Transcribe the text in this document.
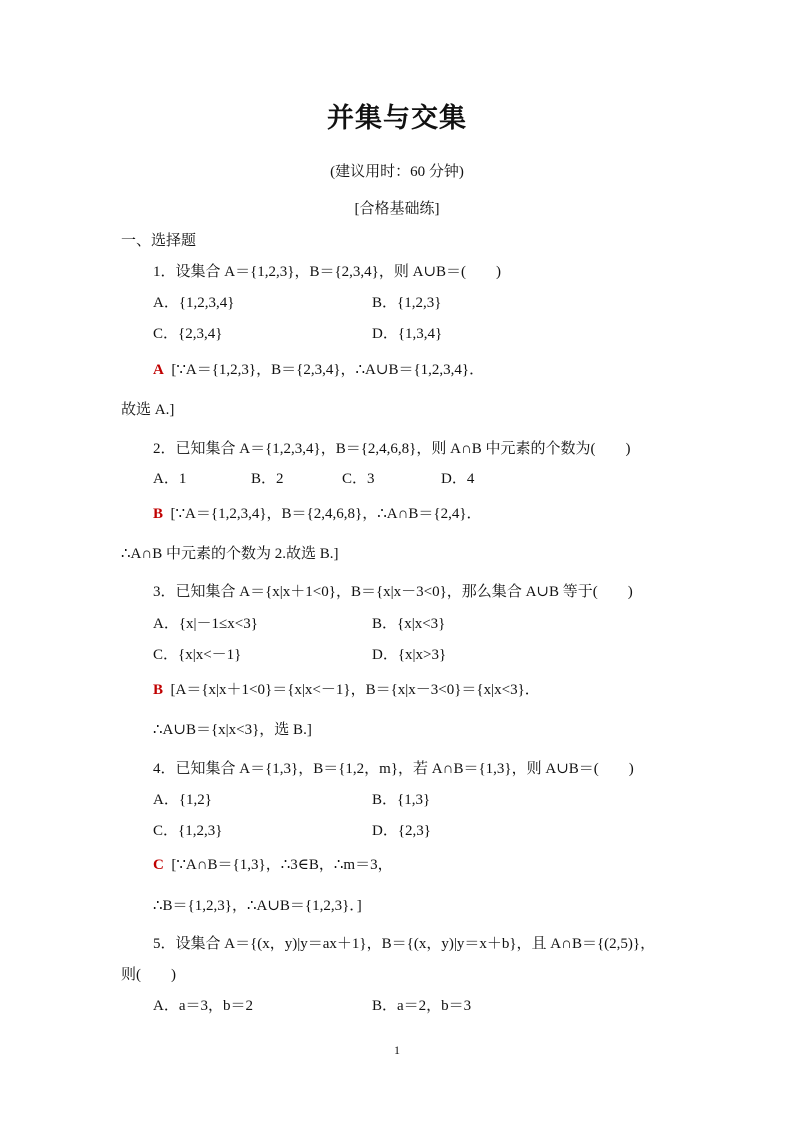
并集与交集
(建议用时：60 分钟)
[合格基础练]
一、选择题
1．设集合 A＝{1,2,3}，B＝{2,3,4}，则 A∪B＝(　　)
A．{1,2,3,4}	B．{1,2,3}
C．{2,3,4}	D．{1,3,4}
A [∵A＝{1,2,3}，B＝{2,3,4}，∴A∪B＝{1,2,3,4}．
故选 A.]
2．已知集合 A＝{1,2,3,4}，B＝{2,4,6,8}，则 A∩B 中元素的个数为(　　)
A．1	B．2	C．3	D．4
B [∵A＝{1,2,3,4}，B＝{2,4,6,8}，∴A∩B＝{2,4}．
∴A∩B 中元素的个数为 2.故选 B.]
3．已知集合 A＝{x|x＋1<0}，B＝{x|x－3<0}，那么集合 A∪B 等于(　　)
A．{x|－1≤x<3}	B．{x|x<3}
C．{x|x<－1}	D．{x|x>3}
B [A＝{x|x＋1<0}＝{x|x<－1}，B＝{x|x－3<0}＝{x|x<3}．
∴A∪B＝{x|x<3}，选 B.]
4．已知集合 A＝{1,3}，B＝{1,2，m}，若 A∩B＝{1,3}，则 A∪B＝(　　)
A．{1,2}	B．{1,3}
C．{1,2,3}	D．{2,3}
C [∵A∩B＝{1,3}，∴3∈B，∴m＝3，
∴B＝{1,2,3}，∴A∪B＝{1,2,3}．]
5．设集合 A＝{(x，y)|y＝ax＋1}，B＝{(x，y)|y＝x＋b}，且 A∩B＝{(2,5)}，
则(　　)
A．a＝3，b＝2	B．a＝2，b＝3
1
